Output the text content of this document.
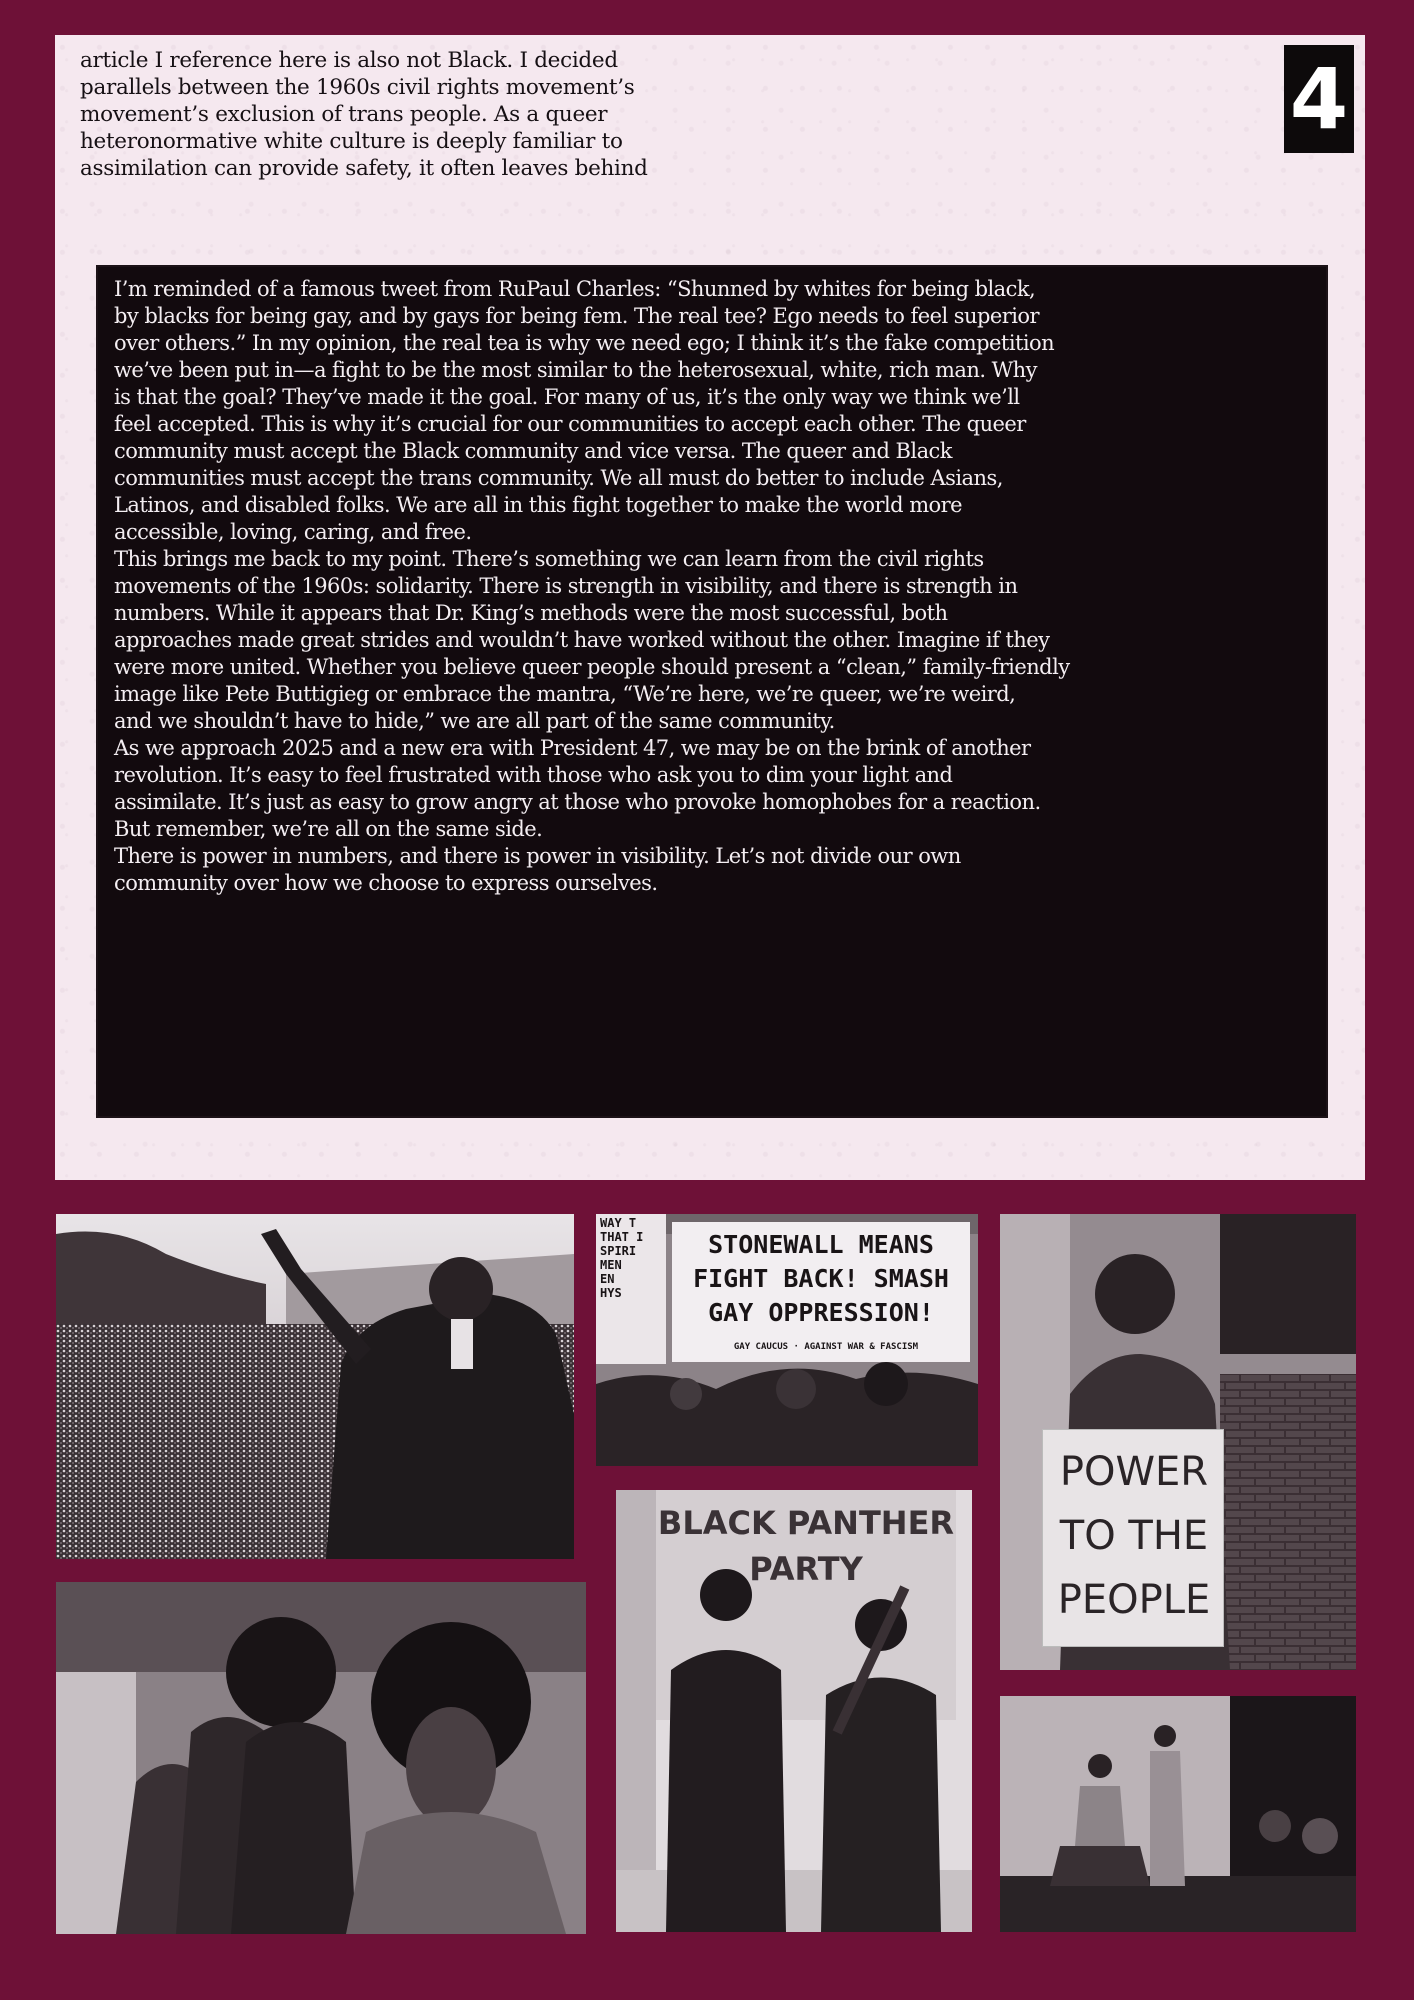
article I reference here is also not Black. I decided
parallels between the 1960s civil rights movement’s
movement’s exclusion of trans people. As a queer
heteronormative white culture is deeply familiar to
assimilation can provide safety, it often leaves behind
4
I’m reminded of a famous tweet from RuPaul Charles: “Shunned by whites for being black,
by blacks for being gay, and by gays for being fem. The real tee? Ego needs to feel superior
over others.” In my opinion, the real tea is why we need ego; I think it’s the fake competition
we’ve been put in—a fight to be the most similar to the heterosexual, white, rich man. Why
is that the goal? They’ve made it the goal. For many of us, it’s the only way we think we’ll
feel accepted. This is why it’s crucial for our communities to accept each other. The queer
community must accept the Black community and vice versa. The queer and Black
communities must accept the trans community. We all must do better to include Asians,
Latinos, and disabled folks. We are all in this fight together to make the world more
accessible, loving, caring, and free.
This brings me back to my point. There’s something we can learn from the civil rights
movements of the 1960s: solidarity. There is strength in visibility, and there is strength in
numbers. While it appears that Dr. King’s methods were the most successful, both
approaches made great strides and wouldn’t have worked without the other. Imagine if they
were more united. Whether you believe queer people should present a “clean,” family-friendly
image like Pete Buttigieg or embrace the mantra, “We’re here, we’re queer, we’re weird,
and we shouldn’t have to hide,” we are all part of the same community.
As we approach 2025 and a new era with President 47, we may be on the brink of another
revolution. It’s easy to feel frustrated with those who ask you to dim your light and
assimilate. It’s just as easy to grow angry at those who provoke homophobes for a reaction.
But remember, we’re all on the same side.
There is power in numbers, and there is power in visibility. Let’s not divide our own
community over how we choose to express ourselves.
WAY T
THAT I
SPIRI
MEN
EN
HYS
STONEWALL MEANS
FIGHT BACK! SMASH
GAY OPPRESSION!
GAY CAUCUS · AGAINST WAR & FASCISM
POWER
TO THE
PEOPLE
BLACK PANTHER
PARTY
